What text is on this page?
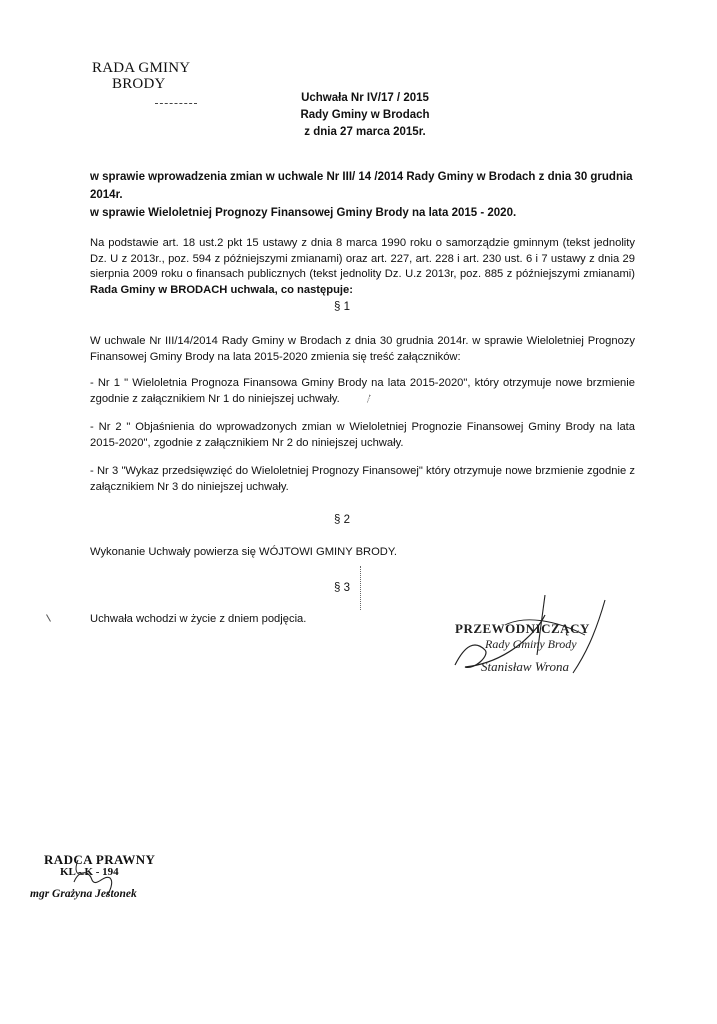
RADA GMINY
BRODY
Uchwała Nr IV/17 / 2015
Rady Gminy w Brodach
z dnia 27 marca 2015r.
w sprawie wprowadzenia zmian w uchwale Nr III/ 14 /2014 Rady Gminy w Brodach z dnia 30 grudnia 2014r.
w sprawie Wieloletniej Prognozy Finansowej Gminy Brody na lata 2015 - 2020.
Na podstawie art. 18 ust.2 pkt 15 ustawy z dnia 8 marca 1990 roku o samorządzie gminnym (tekst jednolity Dz. U z 2013r., poz. 594 z późniejszymi zmianami) oraz art. 227, art. 228 i art. 230 ust. 6 i 7 ustawy z dnia 29 sierpnia 2009 roku o finansach publicznych (tekst jednolity Dz. U.z 2013r, poz. 885 z późniejszymi zmianami) Rada Gminy w BRODACH uchwala, co następuje:
§ 1
W uchwale Nr III/14/2014 Rady Gminy w Brodach z dnia 30 grudnia 2014r. w sprawie Wieloletniej Prognozy Finansowej Gminy Brody na lata 2015-2020 zmienia się treść załączników:
- Nr 1 " Wieloletnia Prognoza Finansowa Gminy Brody na lata 2015-2020", który otrzymuje nowe brzmienie zgodnie z załącznikiem Nr 1 do niniejszej uchwały.
- Nr 2 " Objaśnienia do wprowadzonych zmian w Wieloletniej Prognozie Finansowej Gminy Brody na lata 2015-2020", zgodnie z załącznikiem Nr 2 do niniejszej uchwały.
- Nr 3 "Wykaz przedsięwzięć do Wieloletniej Prognozy Finansowej" który otrzymuje nowe brzmienie zgodnie z załącznikiem Nr 3 do niniejszej uchwały.
§ 2
Wykonanie Uchwały powierza się WÓJTOWI GMINY BRODY.
§ 3
Uchwała wchodzi w życie z dniem podjęcia.
PRZEWODNICZĄCY
Rady Gminy Brody
Stanisław Wrona
RADCA PRAWNY
KL - K - 194
mgr Grażyna Jestonek
